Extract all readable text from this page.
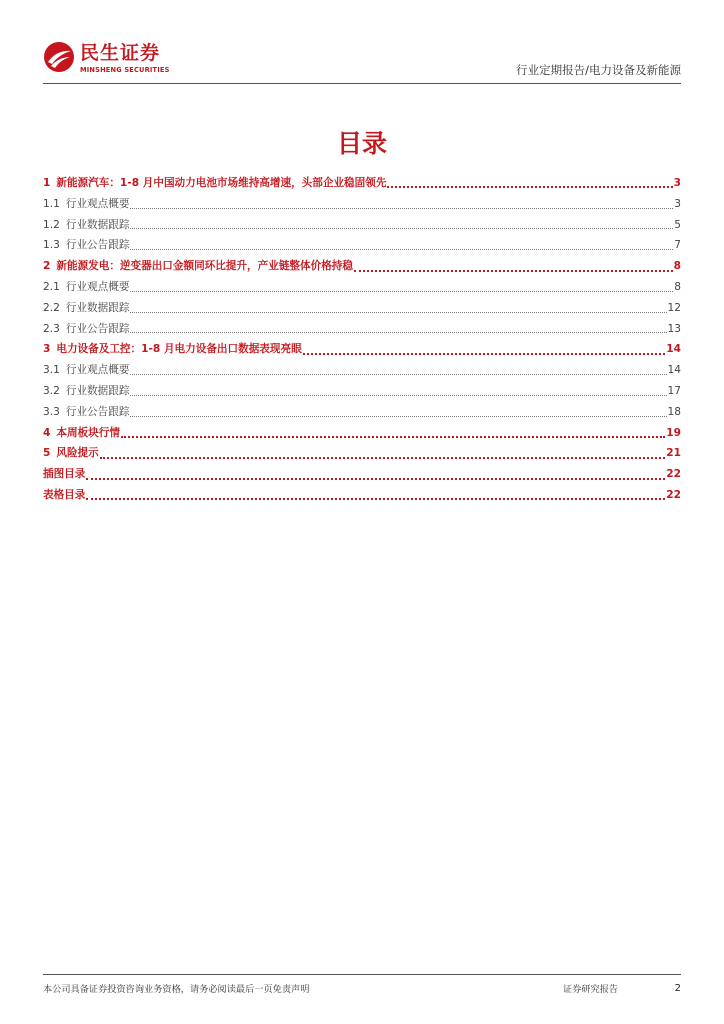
民生证券
MINSHENG SECURITIES	行业定期报告/电力设备及新能源
目录
1 新能源汽车：1-8 月中国动力电池市场维持高增速，头部企业稳固领先	3
1.1 行业观点概要	3
1.2 行业数据跟踪	5
1.3 行业公告跟踪	7
2 新能源发电：逆变器出口金额同环比提升，产业链整体价格持稳	8
2.1 行业观点概要	8
2.2 行业数据跟踪	12
2.3 行业公告跟踪	13
3 电力设备及工控：1-8 月电力设备出口数据表现亮眼	14
3.1 行业观点概要	14
3.2 行业数据跟踪	17
3.3 行业公告跟踪	18
4 本周板块行情	19
5 风险提示	21
插图目录	22
表格目录	22
本公司具备证券投资咨询业务资格，请务必阅读最后一页免责声明	证券研究报告	2
